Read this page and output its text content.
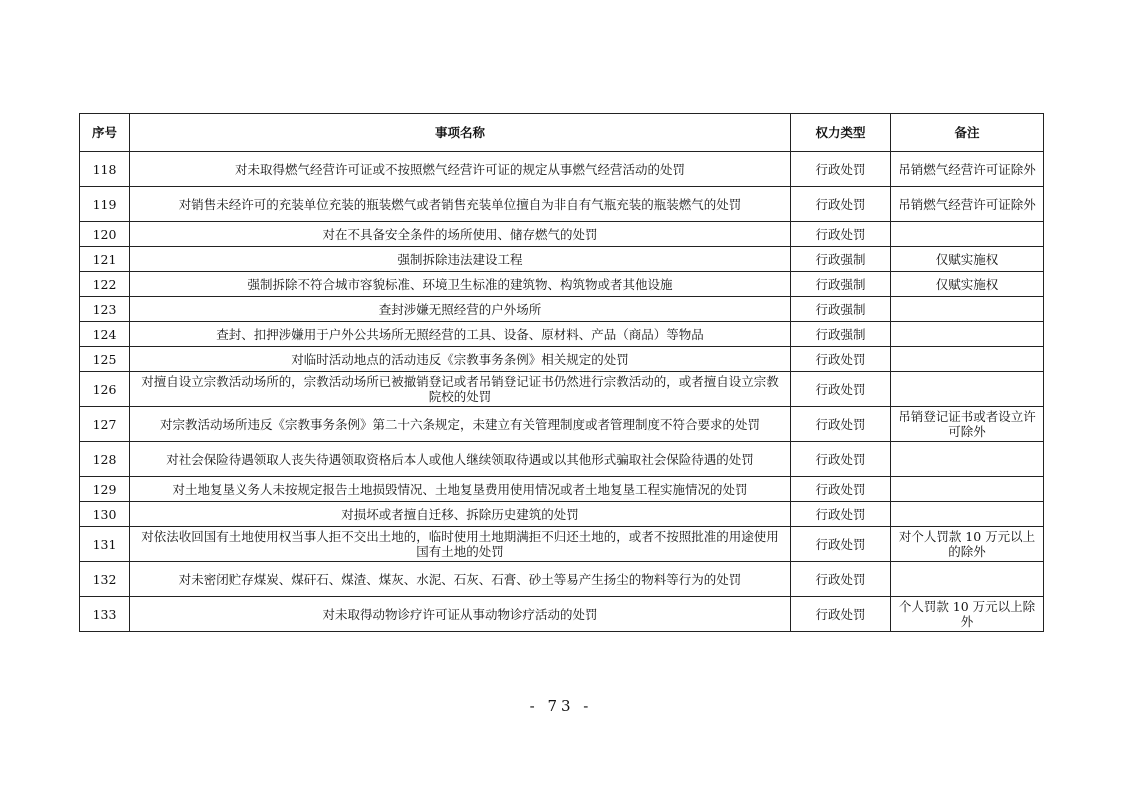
序号	事项名称	权力类型	备注
118	对未取得燃气经营许可证或不按照燃气经营许可证的规定从事燃气经营活动的处罚	行政处罚	吊销燃气经营许可证除外
119	对销售未经许可的充装单位充装的瓶装燃气或者销售充装单位擅自为非自有气瓶充装的瓶装燃气的处罚	行政处罚	吊销燃气经营许可证除外
120	对在不具备安全条件的场所使用、储存燃气的处罚	行政处罚	
121	强制拆除违法建设工程	行政强制	仅赋实施权
122	强制拆除不符合城市容貌标准、环境卫生标准的建筑物、构筑物或者其他设施	行政强制	仅赋实施权
123	查封涉嫌无照经营的户外场所	行政强制	
124	查封、扣押涉嫌用于户外公共场所无照经营的工具、设备、原材料、产品（商品）等物品	行政强制	
125	对临时活动地点的活动违反《宗教事务条例》相关规定的处罚	行政处罚	
126	对擅自设立宗教活动场所的，宗教活动场所已被撤销登记或者吊销登记证书仍然进行宗教活动的，或者擅自设立宗教院校的处罚	行政处罚	
127	对宗教活动场所违反《宗教事务条例》第二十六条规定，未建立有关管理制度或者管理制度不符合要求的处罚	行政处罚	吊销登记证书或者设立许可除外
128	对社会保险待遇领取人丧失待遇领取资格后本人或他人继续领取待遇或以其他形式骗取社会保险待遇的处罚	行政处罚	
129	对土地复垦义务人未按规定报告土地损毁情况、土地复垦费用使用情况或者土地复垦工程实施情况的处罚	行政处罚	
130	对损坏或者擅自迁移、拆除历史建筑的处罚	行政处罚	
131	对依法收回国有土地使用权当事人拒不交出土地的，临时使用土地期满拒不归还土地的，或者不按照批准的用途使用国有土地的处罚	行政处罚	对个人罚款 10 万元以上的除外
132	对未密闭贮存煤炭、煤矸石、煤渣、煤灰、水泥、石灰、石膏、砂土等易产生扬尘的物料等行为的处罚	行政处罚	
133	对未取得动物诊疗许可证从事动物诊疗活动的处罚	行政处罚	个人罚款 10 万元以上除外
- 73 -
